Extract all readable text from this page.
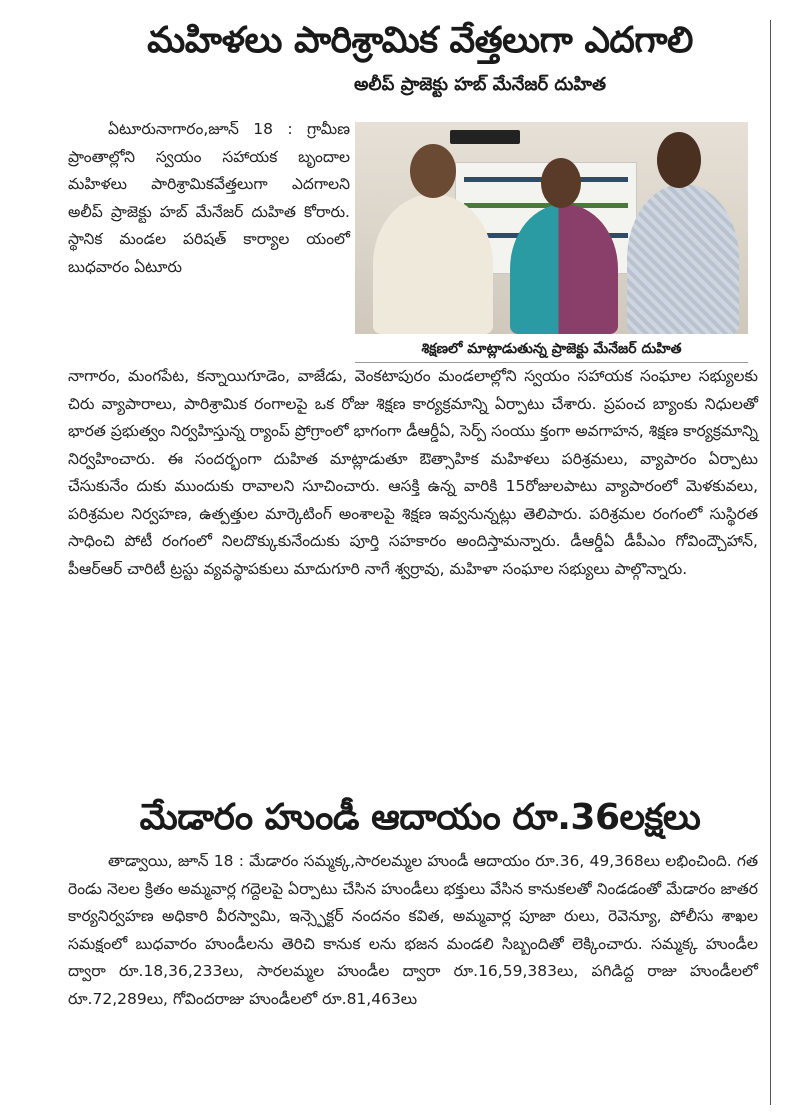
మహిళలు పారిశ్రామిక వేత్తలుగా ఎదగాలి
అలీప్ ప్రాజెక్టు హబ్ మేనేజర్ దుహిత

ఏటూరునాగారం,జూన్ 18 : గ్రామీణ ప్రాంతాల్లోని స్వయం సహాయక బృందాల మహిళలు పారిశ్రామికవేత్తలుగా ఎదగాలని అలీప్ ప్రాజెక్టు హబ్ మేనేజర్ దుహిత కోరారు. స్థానిక మండల పరిషత్ కార్యాల యంలో బుధవారం ఏటూరు

శిక్షణలో మాట్లాడుతున్న ప్రాజెక్టు మేనేజర్ దుహిత

నాగారం, మంగపేట, కన్నాయిగూడెం, వాజేడు, వెంకటాపురం మండలాల్లోని స్వయం సహాయక సంఘాల సభ్యులకు చిరు వ్యాపారాలు, పారిశ్రామిక రంగాలపై ఒక రోజు శిక్షణ కార్యక్రమాన్ని ఏర్పాటు చేశారు. ప్రపంచ బ్యాంకు నిధులతో భారత ప్రభుత్వం నిర్వహిస్తున్న ర్యాంప్ ప్రోగ్రాంలో భాగంగా డీఆర్డీఏ, సెర్ప్ సంయు క్తంగా అవగాహన, శిక్షణ కార్యక్రమాన్ని నిర్వహించారు. ఈ సందర్భంగా దుహిత మాట్లాడుతూ ఔత్సాహిక మహిళలు పరిశ్రమలు, వ్యాపారం ఏర్పాటు చేసుకునేం దుకు ముందుకు రావాలని సూచించారు. ఆసక్తి ఉన్న వారికి 15రోజులపాటు వ్యాపారంలో మెళకువలు, పరిశ్రమల నిర్వహణ, ఉత్పత్తుల మార్కెటింగ్ అంశాలపై శిక్షణ ఇవ్వనున్నట్లు తెలిపారు. పరిశ్రమల రంగంలో సుస్థిరత సాధించి పోటీ రంగంలో నిలదొక్కుకునేందుకు పూర్తి సహకారం అందిస్తామన్నారు. డీఆర్డీఏ డీపీఎం గోవింద్చౌహాన్, పీఆర్ఆర్ చారిటీ ట్రస్టు వ్యవస్థాపకులు మాదుగూరి నాగే శ్వర్రావు, మహిళా సంఘాల సభ్యులు పాల్గొన్నారు.

మేడారం హుండీ ఆదాయం రూ.36లక్షలు

తాడ్వాయి, జూన్ 18 : మేడారం సమ్మక్క,సారలమ్మల హుండీ ఆదాయం రూ.36, 49,368లు లభించింది. గత రెండు నెలల క్రితం అమ్మవార్ల గద్దెలపై ఏర్పాటు చేసిన హుండీలు భక్తులు వేసిన కానుకలతో నిండడంతో మేడారం జాతర కార్యనిర్వహణ అధికారి వీరస్వామి, ఇన్స్పెక్టర్ నందనం కవిత, అమ్మవార్ల పూజా రులు, రెవెన్యూ, పోలీసు శాఖల సమక్షంలో బుధవారం హుండీలను తెరిచి కానుక లను భజన మండలి సిబ్బందితో లెక్కించారు. సమ్మక్క హుండీల ద్వారా రూ.18,36,233లు, సారలమ్మల హుండీల ద్వారా రూ.16,59,383లు, పగిడిద్ద రాజు హుండీలలో రూ.72,289లు, గోవిందరాజు హుండీలలో రూ.81,463లు
